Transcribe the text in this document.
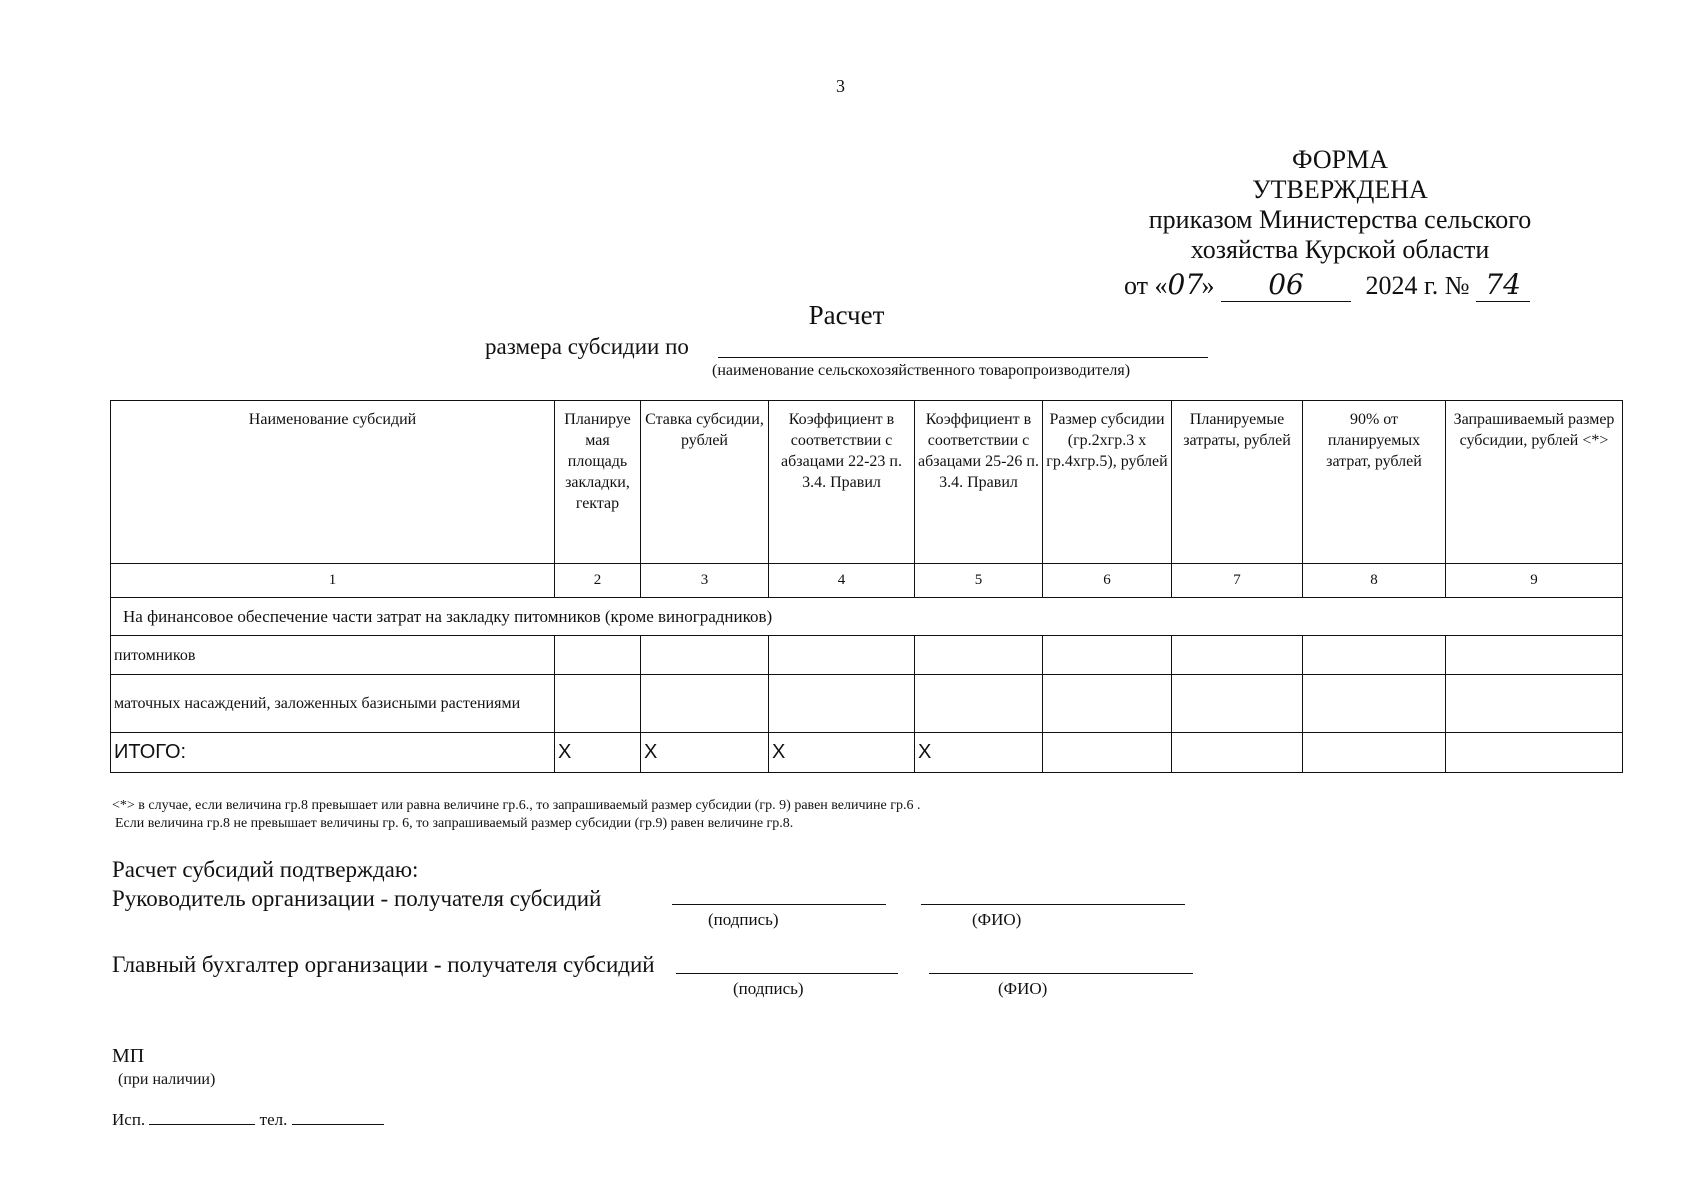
3
ФОРМА
УТВЕРЖДЕНА
приказом Министерства сельского
хозяйства Курской области
от «07» 06 2024 г. № 74
Расчет
размера субсидии по
(наименование сельскохозяйственного товаропроизводителя)
Наименование субсидий	Планируе мая площадь закладки, гектар	Ставка субсидии, рублей	Коэффициент в соответствии с абзацами 22-23 п. 3.4. Правил	Коэффициент в соответствии с абзацами 25-26 п. 3.4. Правил	Размер субсидии (гр.2хгр.3 х гр.4хгр.5), рублей	Планируемые затраты, рублей	90% от планируемых затрат, рублей	Запрашиваемый размер субсидии, рублей <*>
1	2	3	4	5	6	7	8	9
На финансовое обеспечение части затрат на закладку питомников (кроме виноградников)								
питомников								
маточных насаждений, заложенных базисными растениями								
ИТОГО:	X	X	X	X				
<*> в случае, если величина гр.8 превышает или равна величине гр.6., то запрашиваемый размер субсидии (гр. 9) равен величине гр.6 .
Если величина гр.8 не превышает величины гр. 6, то запрашиваемый размер субсидии (гр.9) равен величине гр.8.
Расчет субсидий подтверждаю:
Руководитель организации - получателя субсидий
(подпись)	(ФИО)
Главный бухгалтер организации - получателя субсидий
(подпись)	(ФИО)
МП
(при наличии)
Исп.	тел.
